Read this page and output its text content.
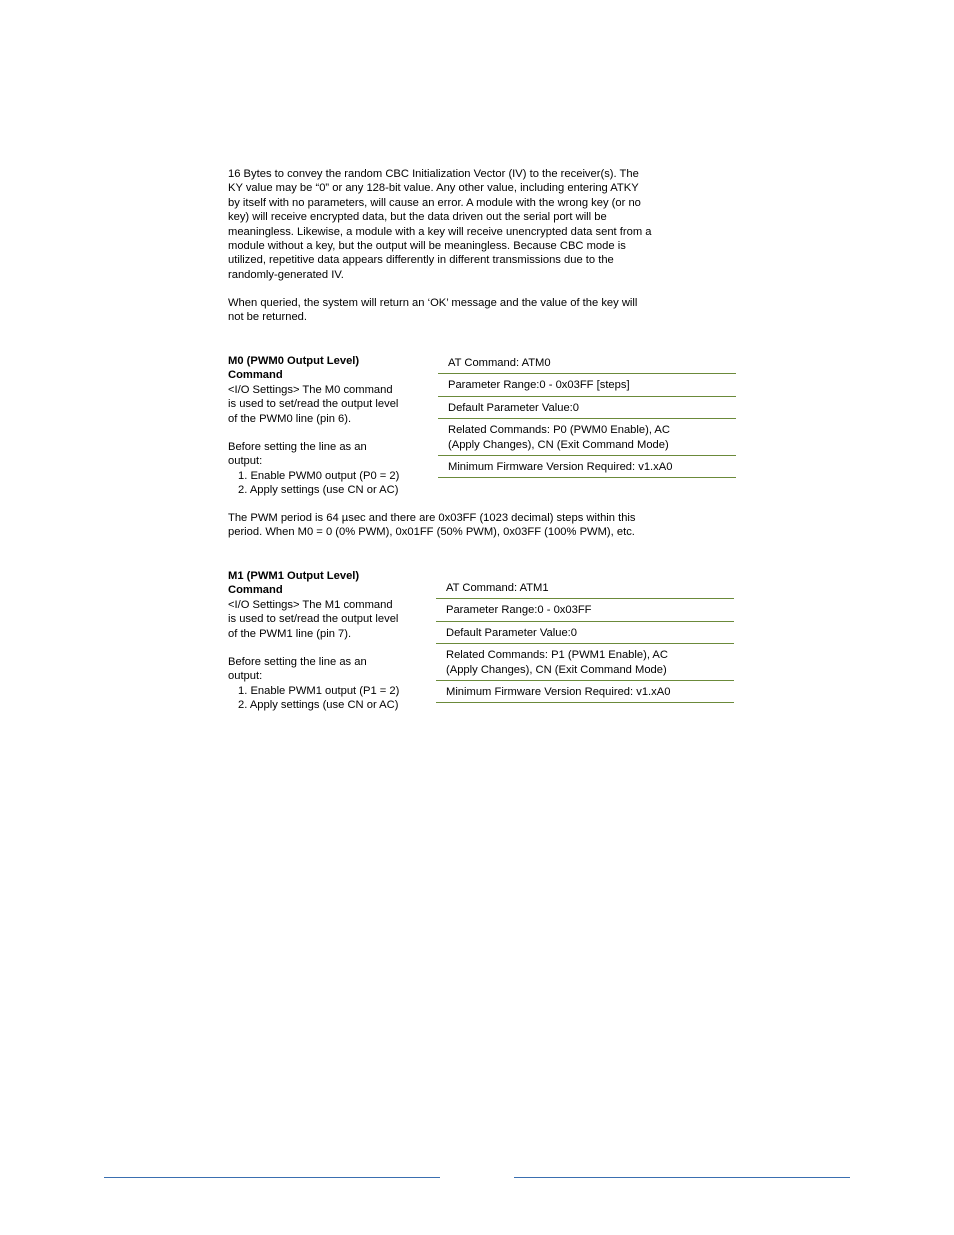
16 Bytes to convey the random CBC Initialization Vector (IV) to the receiver(s). The
KY value may be “0” or any 128-bit value. Any other value, including entering ATKY
by itself with no parameters, will cause an error. A module with the wrong key (or no
key) will receive encrypted data, but the data driven out the serial port will be
meaningless. Likewise, a module with a key will receive unencrypted data sent from a
module without a key, but the output will be meaningless. Because CBC mode is
utilized, repetitive data appears differently in different transmissions due to the
randomly-generated IV.

When queried, the system will return an ‘OK’ message and the value of the key will
not be returned.

M0 (PWM0 Output Level)
Command
<I/O Settings> The M0 command
is used to set/read the output level
of the PWM0 line (pin 6).
Before setting the line as an
output:
1. Enable PWM0 output (P0 = 2)
2. Apply settings (use CN or AC)
AT Command: ATM0
Parameter Range:0 - 0x03FF [steps]
Default Parameter Value:0
Related Commands: P0 (PWM0 Enable), AC
(Apply Changes), CN (Exit Command Mode)
Minimum Firmware Version Required: v1.xA0

The PWM period is 64 µsec and there are 0x03FF (1023 decimal) steps within this
period. When M0 = 0 (0% PWM), 0x01FF (50% PWM), 0x03FF (100% PWM), etc.

M1 (PWM1 Output Level)
Command
<I/O Settings> The M1 command
is used to set/read the output level
of the PWM1 line (pin 7).
Before setting the line as an
output:
1. Enable PWM1 output (P1 = 2)
2. Apply settings (use CN or AC)
AT Command: ATM1
Parameter Range:0 - 0x03FF
Default Parameter Value:0
Related Commands: P1 (PWM1 Enable), AC
(Apply Changes), CN (Exit Command Mode)
Minimum Firmware Version Required: v1.xA0
